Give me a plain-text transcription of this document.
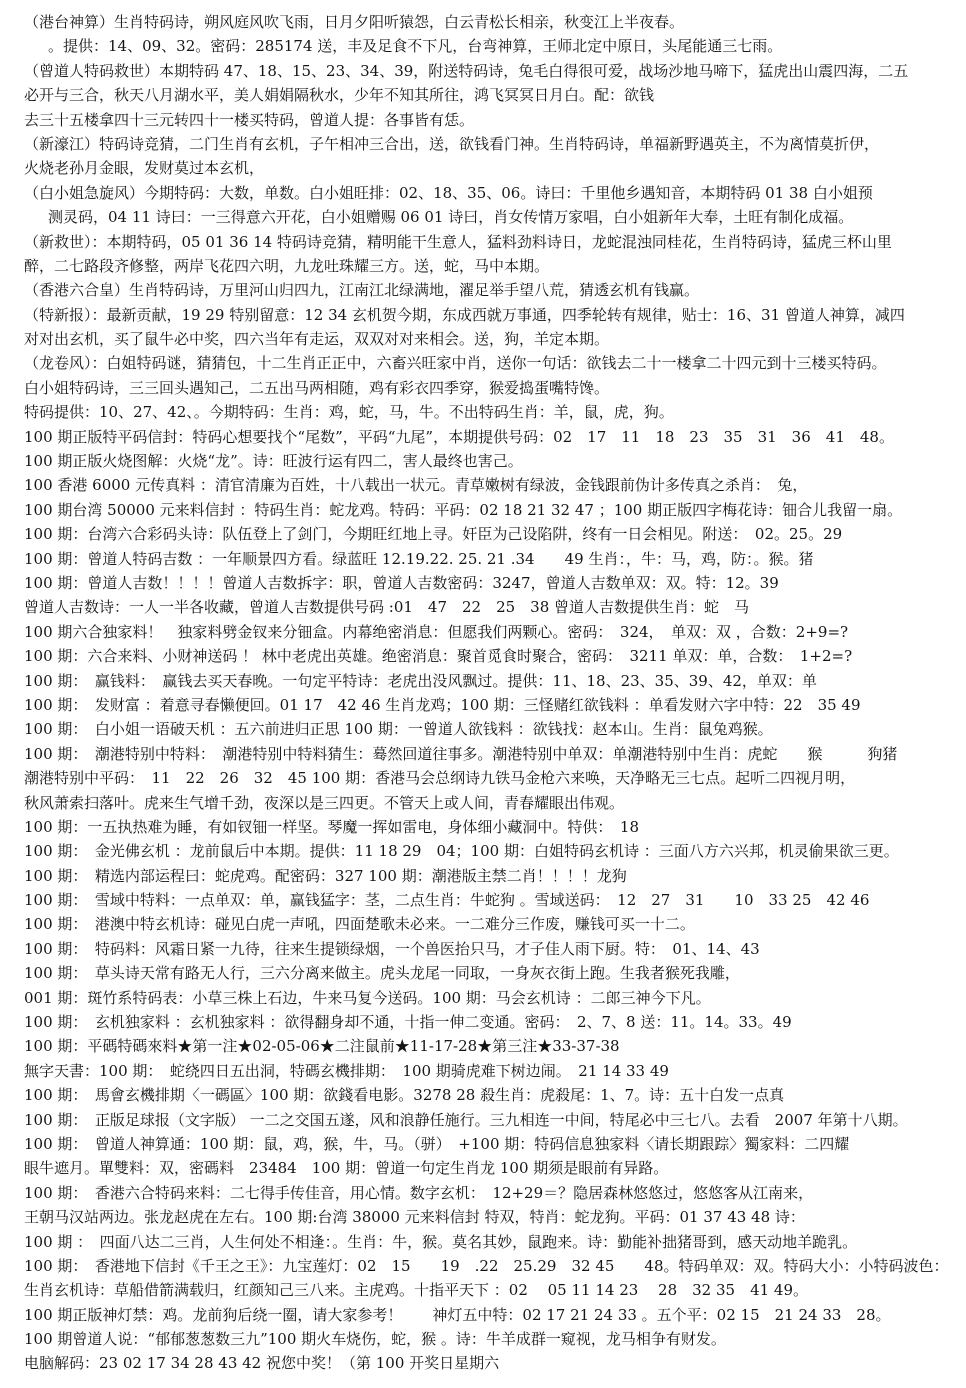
（港台神算）生肖特码诗，朔风庭风吹飞雨，日月夕阳听猿怨，白云青松长相亲，秋变江上半夜春。
。提供：14、09、32。密码：285174 送，丰及足食不下凡，台弯神算，王师北定中原日，头尾能通三七雨。
（曾道人特码救世）本期特码 47、18、15、23、34、39，附送特码诗，兔毛白得很可爱，战场沙地马啼下，猛虎出山震四海，二五
必开与三合，秋天八月湖水平，美人娟娟隔秋水，少年不知其所往，鸿飞冥冥日月白。配：欲钱
去三十五楼拿四十三元转四十一楼买特码，曾道人提：各事皆有恁。
（新濠江）特码诗竞猜，二门生肖有玄机，子午相冲三合出，送，欲钱看门神。生肖特码诗，单福新野遇英主，不为离情莫折伊，
火烧老孙月金眼，发财莫过本玄机，
（白小姐急旋风）今期特码：大数，单数。白小姐旺排：02、18、35、06。诗曰：千里他乡遇知音，本期特码 01 38 白小姐预
测灵码，04 11 诗曰：一三得意六开花，白小姐赠赐 06 01 诗曰，肖女传情万家唱，白小姐新年大奉，土旺有制化成福。
（新救世）：本期特码，05 01 36 14 特码诗竞猜，精明能干生意人，猛料劲料诗日，龙蛇混浊同桂花，生肖特码诗，猛虎三杯山里
醉，二七路段齐修整，两岸飞花四六明，九龙吐珠耀三方。送，蛇，马中本期。
（香港六合皇）生肖特码诗，万里河山归四九，江南江北绿满地，濯足举手望八荒，猜透玄机有钱赢。
（特新报）：最新贡献，19 29 特别留意：12 34 玄机贺今期，东成西就万事通，四季轮转有规律，贴士：16、31 曾道人神算，减四
对对出玄机，买了鼠牛必中奖，四六当年有走运，双双对对来相会。送，狗，羊定本期。
（龙卷风）：白姐特码谜，猜猜包，十二生肖正正中，六畜兴旺家中肖，送你一句话：欲钱去二十一楼拿二十四元到十三楼买特码。
白小姐特码诗，三三回头遇知己，二五出马两相随，鸡有彩衣四季穿，猴爱捣蛋嘴特馋。
特码提供：10、27、42、。今期特码：生肖：鸡，蛇，马，牛。不出特码生肖：羊，鼠，虎，狗。
100 期正版特平码信封：特码心想要找个“尾数”，平码“九尾”，本期提供号码：02　17　11　18　23　35　31　36　41　48。
100 期正版火烧图解：火烧“龙”。诗：旺波行运有四二，害人最终也害己。
100 香港 6000 元传真料 ：清官清廉为百姓，十八载出一状元。青草嫩树有绿波，金钱跟前伪计多传真之杀肖：　兔，
100 期台湾 50000 元来料信封 ：特码生肖：蛇龙鸡。特码：平码：02 18 21 32 47 ；100 期正版四字梅花诗：钿合儿我留一扇。
100 期：台湾六合彩码头诗：队伍登上了剑门，今期旺红地上寻。奸臣为己设陷阱，终有一日会相见。附送：　02。25。29
100 期：曾道人特码吉数 ：一年顺景四方看。绿蓝旺 12.19.22. 25. 21 .34　　49 生肖：，牛：马，鸡，防：。猴。猪
100 期：曾道人吉数！！！！曾道人吉数拆字：职，曾道人吉数密码：3247，曾道人吉数单双：双。特：12。39
曾道人吉数诗：一人一半各收藏，曾道人吉数提供号码 :01　47　22　25　38 曾道人吉数提供生肖：蛇　马
100 期六合独家料！　独家料劈金钗来分钿盒。内幕绝密消息：但愿我们两颗心。密码：　324，　单双：双 ，合数：2+9=?
100 期：六合来料、小财神送码 ！ 林中老虎出英雄。绝密消息：聚首觅食时聚合，密码：　3211 单双：单，合数：　1+2=?
100 期：　赢钱料：　赢钱去买天春晚。一句定平特诗：老虎出没风飘过。提供：11、18、23、35、39、42，单双：单
100 期：　发财富 ：着意寻春懒便回。01 17　42 46 生肖龙鸡；100 期：三怪赌红欲钱料 ：单看发财六字中特：22　35 49
100 期：　白小姐一语破天机 ：五六前进归正思 100 期：一曾道人欲钱料 ：欲钱找：赵本山。生肖：鼠兔鸡猴。
100 期：　潮港特别中特料：　潮港特别中特料猜生：蓦然回道往事多。潮港特别中单双：单潮港特别中生肖：虎蛇　　猴　　　狗猪
潮港特别中平码：　11　22　26　32　45 100 期：香港马会总纲诗九铁马金枪六来唤，天净略无三七点。起听二四视月明，
秋风萧索扫落叶。虎来生气增千劲，夜深以是三四更。不管天上或人间，青春耀眼出伟观。
100 期：一五执热难为睡，有如钗钿一样坚。琴魔一挥如雷电，身体细小藏洞中。特供：　18
100 期：　金光佛玄机 ：龙前鼠后中本期。提供：11 18 29　04；100 期：白姐特码玄机诗 ：三面八方六兴邦，机灵偷果欲三更。
100 期：　精选内部运程曰：蛇虎鸡。配密码：327 100 期：潮港版主禁二肖！！！！龙狗
100 期：　雪域中特料：一点单双：单，赢钱猛字：茎，二点生肖：牛蛇狗 。雪域送码：　12　27　31　　10　33 25　42 46
100 期：　港澳中特玄机诗：碰见白虎一声吼，四面楚歌未必来。一二难分三作废，赚钱可买一十二。
100 期：　特码料：风霜日紧一九待，往来生提锁绿烟，一个兽医抬只马，才子佳人雨下厨。特：　01、14、43
100 期：　草头诗天常有路无人行，三六分离来做主。虎头龙尾一同取，一身灰衣街上跑。生我者猴死我雕，
001 期：斑竹系特码表：小草三株上石边，牛来马复今送码。100 期：马会玄机诗 ：二郎三神今下凡。
100 期：　玄机独家料 ：玄机独家料 ：欲得翻身却不通，十指一伸二变通。密码：　2、7、8 送：11。14。33。49
100 期：平碼特碼來料★第一注★02-05-06★二注鼠前★11-17-28★第三注★33-37-38
無字天書：100 期：　蛇绕四日五出洞，特碼玄機排期：　100 期骑虎难下树边闹。　21 14 33 49
100 期：　馬會玄機排期〈一碼區〉100 期：欲錢看电影。3278 28 殺生肖：虎殺尾：1、7。诗：五十白发一点真
100 期：　正版足球报（文字版） 一二之交国五遂，风和浪静任施行。三九相连一中间，特尾必中三七八。去看　2007 年第十八期。
100 期：　曾道人神算通：100 期：鼠，鸡，猴，牛，马。（骈）　+100 期：特码信息独家料〈请长期跟踪〉獨家料：二四耀
眼牛遮月。單雙料：双，密碼料　23484　100 期：曾道一句定生肖龙 100 期须是眼前有异路。
100 期：　香港六合特码来料：二七得手传佳音，用心情。数字玄机：　12+29＝？隐居森林悠悠过，悠悠客从江南来，
王朝马汉站两边。张龙赵虎在左右。100 期:台湾 38000 元来料信封 特双，特肖：蛇龙狗。平码：01 37 43 48 诗：
100 期 ：　四面八达二三肖，人生何处不相逢：。生肖：牛，猴。莫名其妙，鼠跑来。诗：勤能补拙猪哥到，感天动地羊跪乳。
100 期：　香港地下信封《千王之王》：九宝莲灯：02　15　　19　.22　25.29　32 45　　48。特码单双：双。特码大小：小特码波色：
生肖玄机诗：草船借箭满载归，红颜知己三八来。主虎鸡。十指平天下 ：02　 05 11 14 23　 28　32 35　41 49。
100 期正版神灯禁：鸡。龙前狗后绕一圈，请大家参考！　　神灯五中特：02 17 21 24 33 。五个平：02 15　21 24 33　28。
100 期曾道人说：“郁郁葱葱数三九”100 期火车烧伤，蛇，猴 。诗：牛羊成群一窥视，龙马相争有财发。
电脑解码：23 02 17 34 28 43 42 祝您中奖！（第 100 开奖日星期六
